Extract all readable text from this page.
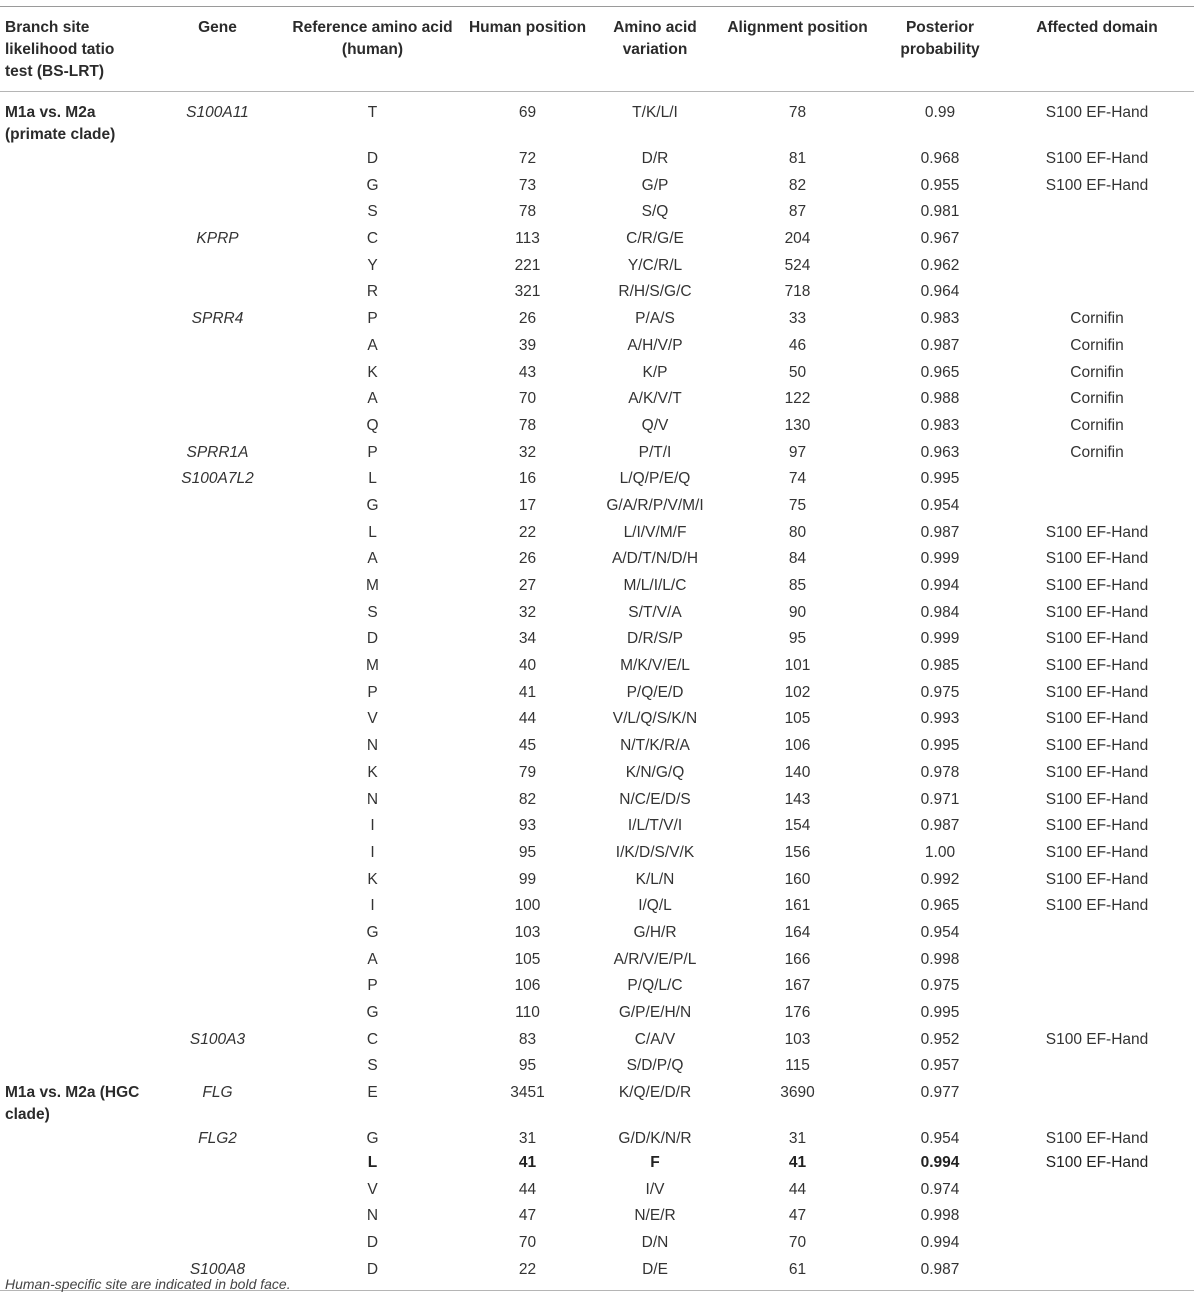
Branch site likelihood tatio test (BS-LRT)	Gene	Reference amino acid (human)	Human position	Amino acid variation	Alignment position	Posterior probability	Affected domain
M1a vs. M2a (primate clade)	S100A11	T	69	T/K/L/I	78	0.99	S100 EF-Hand
		D	72	D/R	81	0.968	S100 EF-Hand
		G	73	G/P	82	0.955	S100 EF-Hand
		S	78	S/Q	87	0.981	
	KPRP	C	113	C/R/G/E	204	0.967	
		Y	221	Y/C/R/L	524	0.962	
		R	321	R/H/S/G/C	718	0.964	
	SPRR4	P	26	P/A/S	33	0.983	Cornifin
		A	39	A/H/V/P	46	0.987	Cornifin
		K	43	K/P	50	0.965	Cornifin
		A	70	A/K/V/T	122	0.988	Cornifin
		Q	78	Q/V	130	0.983	Cornifin
	SPRR1A	P	32	P/T/I	97	0.963	Cornifin
	S100A7L2	L	16	L/Q/P/E/Q	74	0.995	
		G	17	G/A/R/P/V/M/I	75	0.954	
		L	22	L/I/V/M/F	80	0.987	S100 EF-Hand
		A	26	A/D/T/N/D/H	84	0.999	S100 EF-Hand
		M	27	M/L/I/L/C	85	0.994	S100 EF-Hand
		S	32	S/T/V/A	90	0.984	S100 EF-Hand
		D	34	D/R/S/P	95	0.999	S100 EF-Hand
		M	40	M/K/V/E/L	101	0.985	S100 EF-Hand
		P	41	P/Q/E/D	102	0.975	S100 EF-Hand
		V	44	V/L/Q/S/K/N	105	0.993	S100 EF-Hand
		N	45	N/T/K/R/A	106	0.995	S100 EF-Hand
		K	79	K/N/G/Q	140	0.978	S100 EF-Hand
		N	82	N/C/E/D/S	143	0.971	S100 EF-Hand
		I	93	I/L/T/V/I	154	0.987	S100 EF-Hand
		I	95	I/K/D/S/V/K	156	1.00	S100 EF-Hand
		K	99	K/L/N	160	0.992	S100 EF-Hand
		I	100	I/Q/L	161	0.965	S100 EF-Hand
		G	103	G/H/R	164	0.954	
		A	105	A/R/V/E/P/L	166	0.998	
		P	106	P/Q/L/C	167	0.975	
		G	110	G/P/E/H/N	176	0.995	
	S100A3	C	83	C/A/V	103	0.952	S100 EF-Hand
		S	95	S/D/P/Q	115	0.957	
M1a vs. M2a (HGC clade)	FLG	E	3451	K/Q/E/D/R	3690	0.977	
	FLG2	G	31	G/D/K/N/R	31	0.954	S100 EF-Hand
		L	41	F	41	0.994	S100 EF-Hand
		V	44	I/V	44	0.974	
		N	47	N/E/R	47	0.998	
		D	70	D/N	70	0.994	
	S100A8	D	22	D/E	61	0.987	
Human-specific site are indicated in bold face.
